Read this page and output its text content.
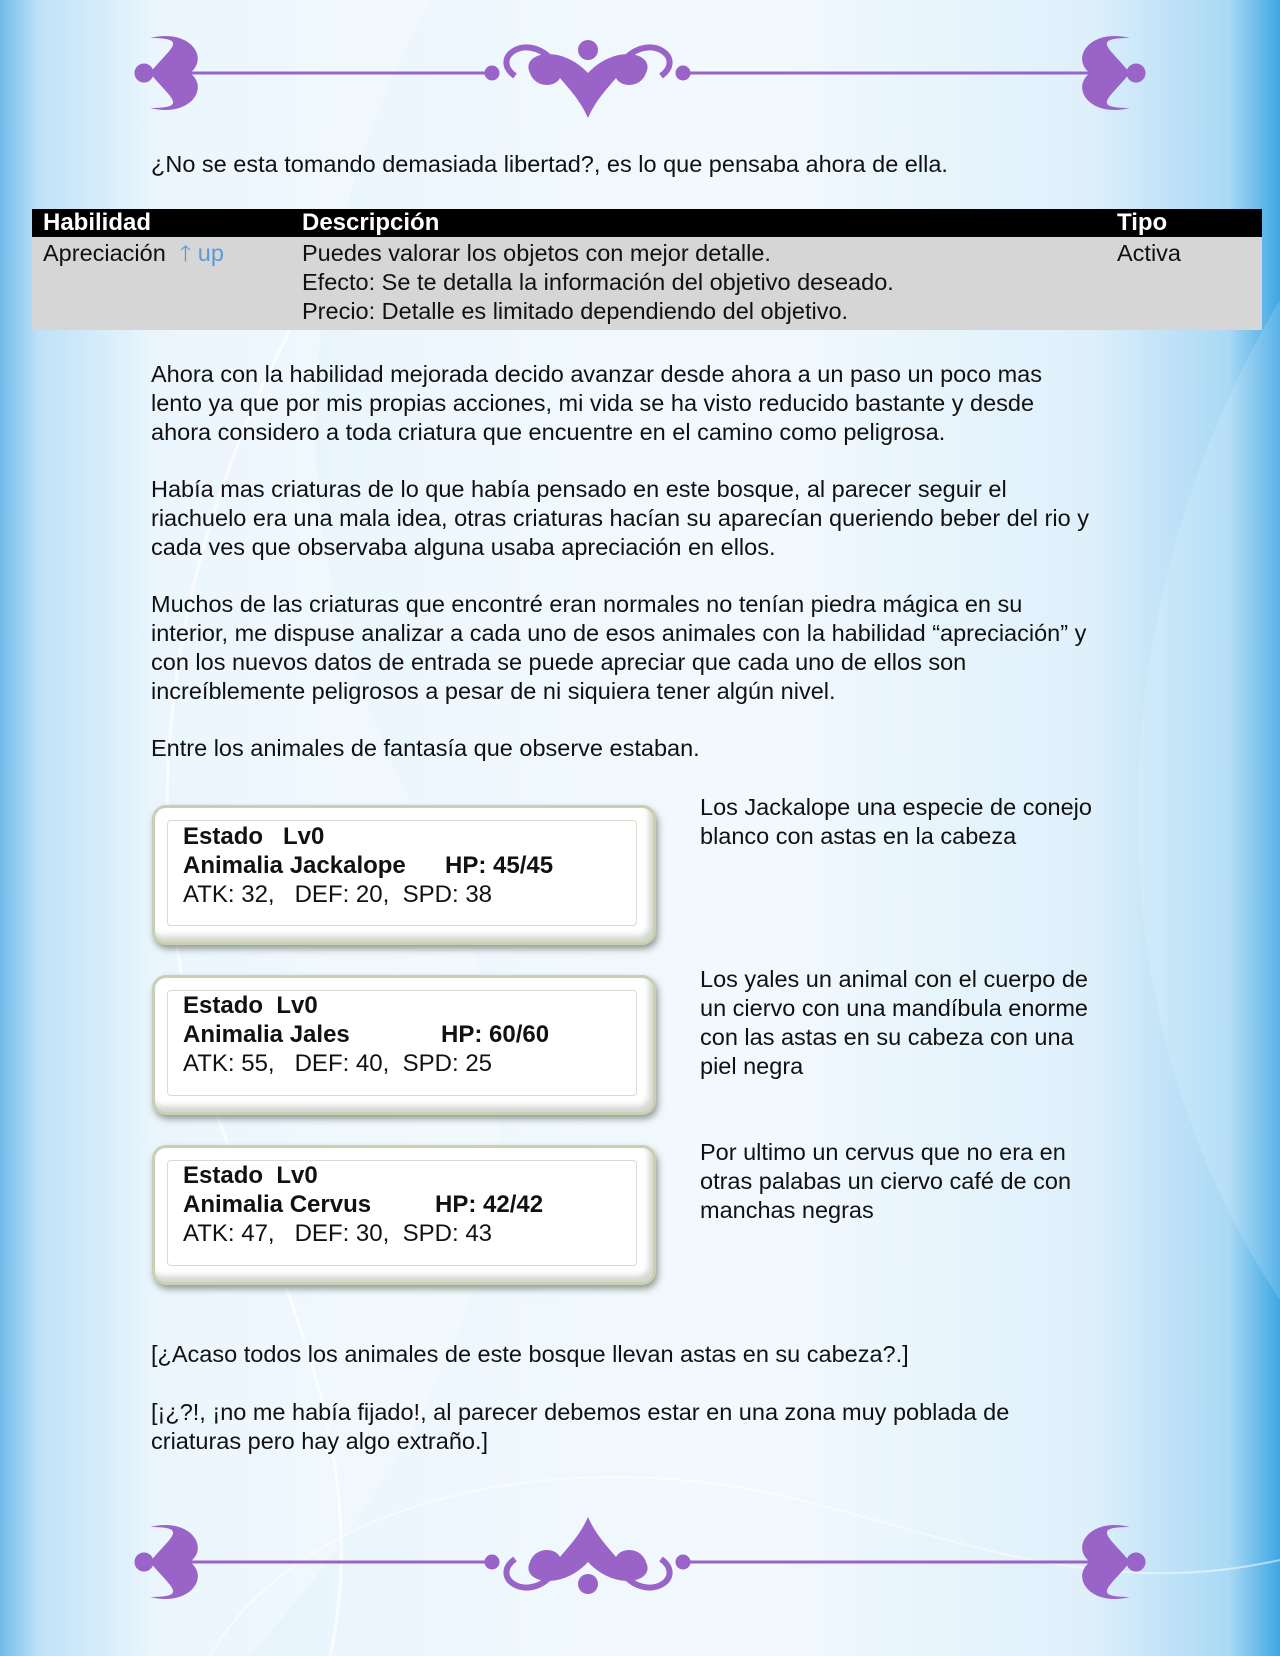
¿No se esta tomando demasiada libertad?, es lo que pensaba ahora de ella.

Habilidad	Descripción	Tipo
Apreciación 🡑 up	Puedes valorar los objetos con mejor detalle.
Efecto: Se te detalla la información del objetivo deseado.
Precio: Detalle es limitado dependiendo del objetivo.	Activa

Ahora con la habilidad mejorada decido avanzar desde ahora a un paso un poco mas lento ya que por mis propias acciones, mi vida se ha visto reducido bastante y desde ahora considero a toda criatura que encuentre en el camino como peligrosa.

Había mas criaturas de lo que había pensado en este bosque, al parecer seguir el riachuelo era una mala idea, otras criaturas hacían su aparecían queriendo beber del rio y cada ves que observaba alguna usaba apreciación en ellos.

Muchos de las criaturas que encontré eran normales no tenían piedra mágica en su interior, me dispuse analizar a cada uno de esos animales con la habilidad “apreciación” y con los nuevos datos de entrada se puede apreciar que cada uno de ellos son increíblemente peligrosos a pesar de ni siquiera tener algún nivel.

Entre los animales de fantasía que observe estaban.

Estado   Lv0
Animalia Jackalope HP: 45/45
ATK: 32,   DEF: 20,  SPD: 38

Los Jackalope una especie de conejo blanco con astas en la cabeza

Estado  Lv0
Animalia Jales	HP: 60/60
ATK: 55,   DEF: 40,  SPD: 25

Los yales un animal con el cuerpo de un ciervo con una mandíbula enorme con las astas en su cabeza con una piel negra

Estado  Lv0
Animalia Cervus	HP: 42/42
ATK: 47,   DEF: 30,  SPD: 43

Por ultimo un cervus que no era en otras palabas un ciervo café de con manchas negras

[¿Acaso todos los animales de este bosque llevan astas en su cabeza?.]

[¡¿?!, ¡no me había fijado!, al parecer debemos estar en una zona muy poblada de criaturas pero hay algo extraño.]
